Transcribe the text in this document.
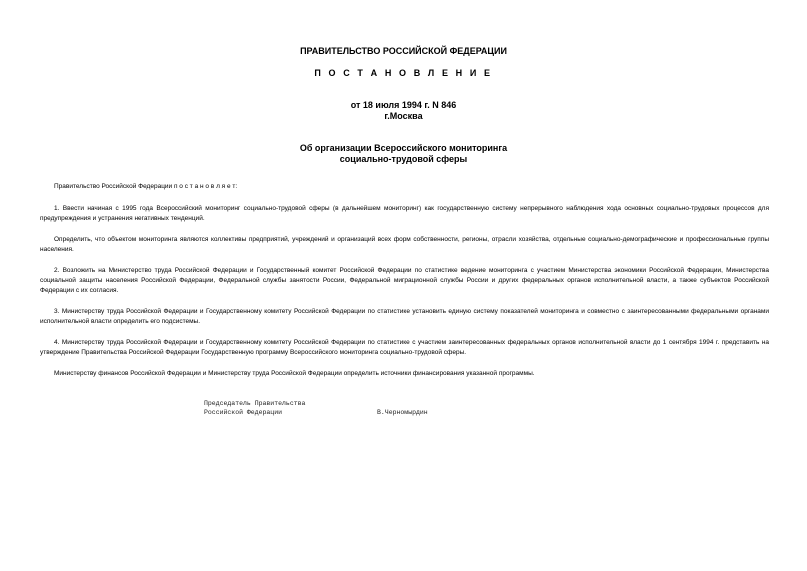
ПРАВИТЕЛЬСТВО РОССИЙСКОЙ ФЕДЕРАЦИИ
П О С Т А Н О В Л Е Н И Е
от 18 июля 1994 г. N 846
г.Москва
Об организации Всероссийского мониторинга
социально-трудовой сферы
Правительство Российской Федерации п о с т а н о в л я е т:
1. Ввести начиная с 1995 года Всероссийский мониторинг социально-трудовой сферы (в дальнейшем мониторинг) как государственную систему непрерывного наблюдения хода основных социально-трудовых процессов для предупреждения и устранения негативных тенденций.
Определить, что объектом мониторинга являются коллективы предприятий, учреждений и организаций всех форм собственности, регионы, отрасли хозяйства, отдельные социально-демографические и профессиональные группы населения.
2. Возложить на Министерство труда Российской Федерации и Государственный комитет Российской Федерации по статистике ведение мониторинга с участием Министерства экономики Российской Федерации, Министерства социальной защиты населения Российской Федерации, Федеральной службы занятости России, Федеральной миграционной службы России и других федеральных органов исполнительной власти, а также субъектов Российской Федерации с их согласия.
3. Министерству труда Российской Федерации и Государственному комитету Российской Федерации по статистике установить единую систему показателей мониторинга и совместно с заинтересованными федеральными органами исполнительной власти определить его подсистемы.
4. Министерству труда Российской Федерации и Государственному комитету Российской Федерации по статистике с участием заинтересованных федеральных органов исполнительной власти до 1 сентября 1994 г. представить на утверждение Правительства Российской Федерации Государственную программу Всероссийского мониторинга социально-трудовой сферы.
Министерству финансов Российской Федерации и Министерству труда Российской Федерации определить источники финансирования указанной программы.
Председатель Правительства
Российской Федерации	В.Черномырдин
